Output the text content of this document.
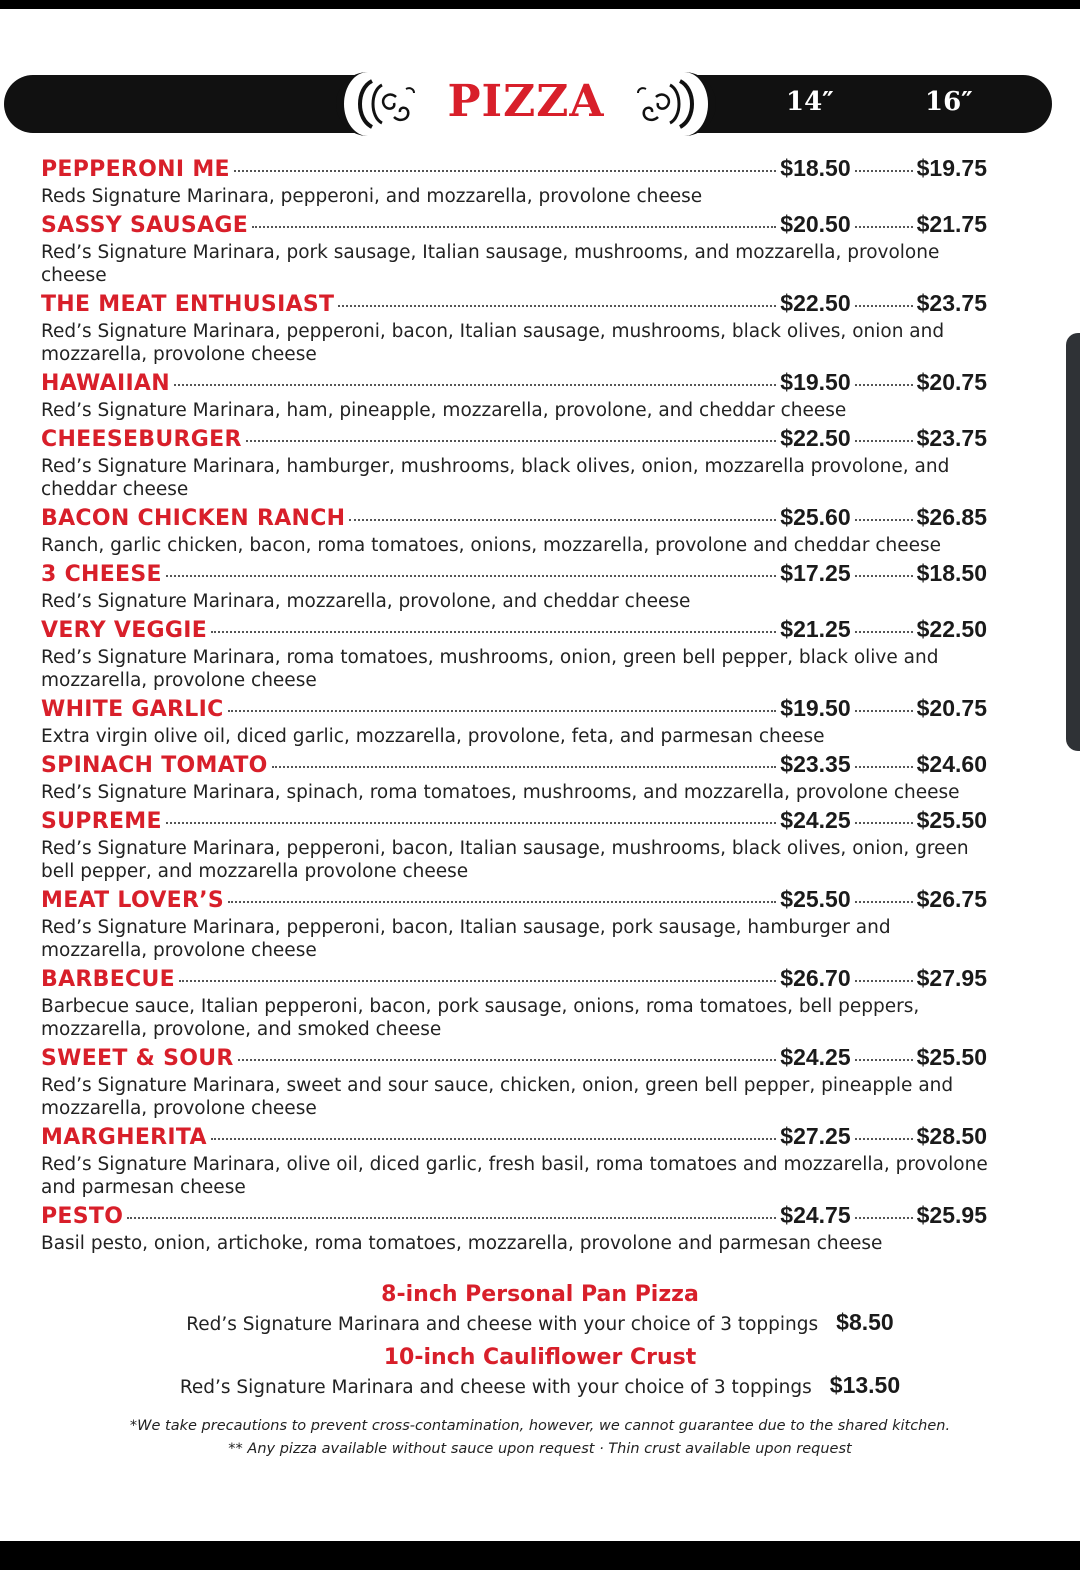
PIZZA	14″	16″
PEPPERONI ME	$18.50	$19.75
Reds Signature Marinara, pepperoni, and mozzarella, provolone cheese
SASSY SAUSAGE	$20.50	$21.75
Red’s Signature Marinara, pork sausage, Italian sausage, mushrooms, and mozzarella, provolone cheese
THE MEAT ENTHUSIAST	$22.50	$23.75
Red’s Signature Marinara, pepperoni, bacon, Italian sausage, mushrooms, black olives, onion and mozzarella, provolone cheese
HAWAIIAN	$19.50	$20.75
Red’s Signature Marinara, ham, pineapple, mozzarella, provolone, and cheddar cheese
CHEESEBURGER	$22.50	$23.75
Red’s Signature Marinara, hamburger, mushrooms, black olives, onion, mozzarella provolone, and cheddar cheese
BACON CHICKEN RANCH	$25.60	$26.85
Ranch, garlic chicken, bacon, roma tomatoes, onions, mozzarella, provolone and cheddar cheese
3 CHEESE	$17.25	$18.50
Red’s Signature Marinara, mozzarella, provolone, and cheddar cheese
VERY VEGGIE	$21.25	$22.50
Red’s Signature Marinara, roma tomatoes, mushrooms, onion, green bell pepper, black olive and mozzarella, provolone cheese
WHITE GARLIC	$19.50	$20.75
Extra virgin olive oil, diced garlic, mozzarella, provolone, feta, and parmesan cheese
SPINACH TOMATO	$23.35	$24.60
Red’s Signature Marinara, spinach, roma tomatoes, mushrooms, and mozzarella, provolone cheese
SUPREME	$24.25	$25.50
Red’s Signature Marinara, pepperoni, bacon, Italian sausage, mushrooms, black olives, onion, green bell pepper, and mozzarella provolone cheese
MEAT LOVER’S	$25.50	$26.75
Red’s Signature Marinara, pepperoni, bacon, Italian sausage, pork sausage, hamburger and mozzarella, provolone cheese
BARBECUE	$26.70	$27.95
Barbecue sauce, Italian pepperoni, bacon, pork sausage, onions, roma tomatoes, bell peppers, mozzarella, provolone, and smoked cheese
SWEET & SOUR	$24.25	$25.50
Red’s Signature Marinara, sweet and sour sauce, chicken, onion, green bell pepper, pineapple and mozzarella, provolone cheese
MARGHERITA	$27.25	$28.50
Red’s Signature Marinara, olive oil, diced garlic, fresh basil, roma tomatoes and mozzarella, provolone and parmesan cheese
PESTO	$24.75	$25.95
Basil pesto, onion, artichoke, roma tomatoes, mozzarella, provolone and parmesan cheese
8-inch Personal Pan Pizza
Red’s Signature Marinara and cheese with your choice of 3 toppings $8.50
10-inch Cauliflower Crust
Red’s Signature Marinara and cheese with your choice of 3 toppings $13.50
*We take precautions to prevent cross-contamination, however, we cannot guarantee due to the shared kitchen.
** Any pizza available without sauce upon request · Thin crust available upon request
